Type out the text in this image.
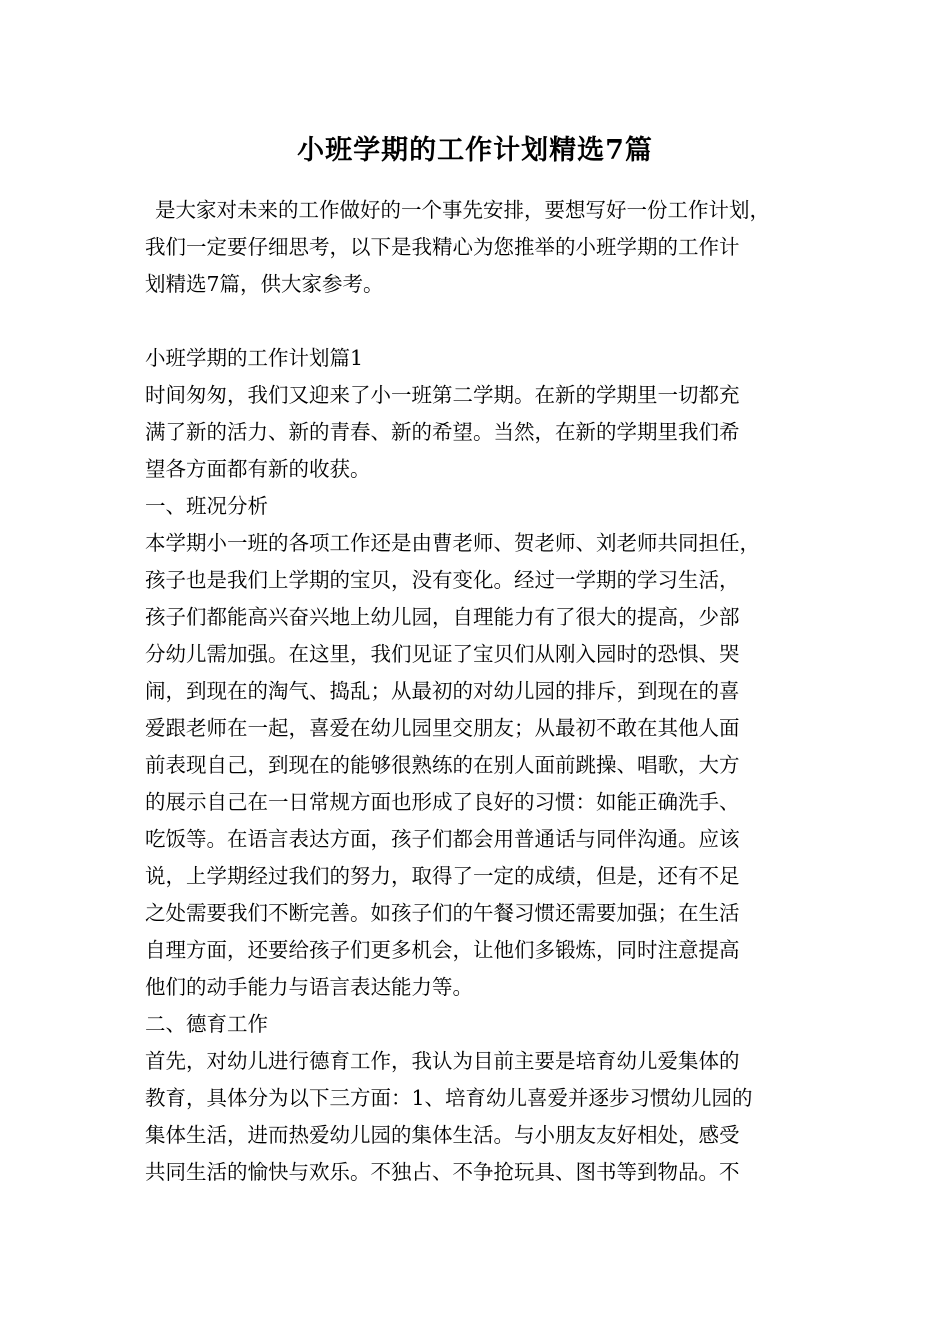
小班学期的工作计划精选7篇
是大家对未来的工作做好的一个事先安排，要想写好一份工作计划，
我们一定要仔细思考，以下是我精心为您推举的小班学期的工作计
划精选7篇，供大家参考。
小班学期的工作计划篇1
时间匆匆，我们又迎来了小一班第二学期。在新的学期里一切都充
满了新的活力、新的青春、新的希望。当然，在新的学期里我们希
望各方面都有新的收获。
一、班况分析
本学期小一班的各项工作还是由曹老师、贺老师、刘老师共同担任，
孩子也是我们上学期的宝贝，没有变化。经过一学期的学习生活，
孩子们都能高兴奋兴地上幼儿园，自理能力有了很大的提高，少部
分幼儿需加强。在这里，我们见证了宝贝们从刚入园时的恐惧、哭
闹，到现在的淘气、捣乱；从最初的对幼儿园的排斥，到现在的喜
爱跟老师在一起，喜爱在幼儿园里交朋友；从最初不敢在其他人面
前表现自己，到现在的能够很熟练的在别人面前跳操、唱歌，大方
的展示自己在一日常规方面也形成了良好的习惯：如能正确洗手、
吃饭等。在语言表达方面，孩子们都会用普通话与同伴沟通。应该
说，上学期经过我们的努力，取得了一定的成绩，但是，还有不足
之处需要我们不断完善。如孩子们的午餐习惯还需要加强；在生活
自理方面，还要给孩子们更多机会，让他们多锻炼，同时注意提高
他们的动手能力与语言表达能力等。
二、德育工作
首先，对幼儿进行德育工作，我认为目前主要是培育幼儿爱集体的
教育，具体分为以下三方面：1、培育幼儿喜爱并逐步习惯幼儿园的
集体生活，进而热爱幼儿园的集体生活。与小朋友友好相处，感受
共同生活的愉快与欢乐。不独占、不争抢玩具、图书等到物品。不
